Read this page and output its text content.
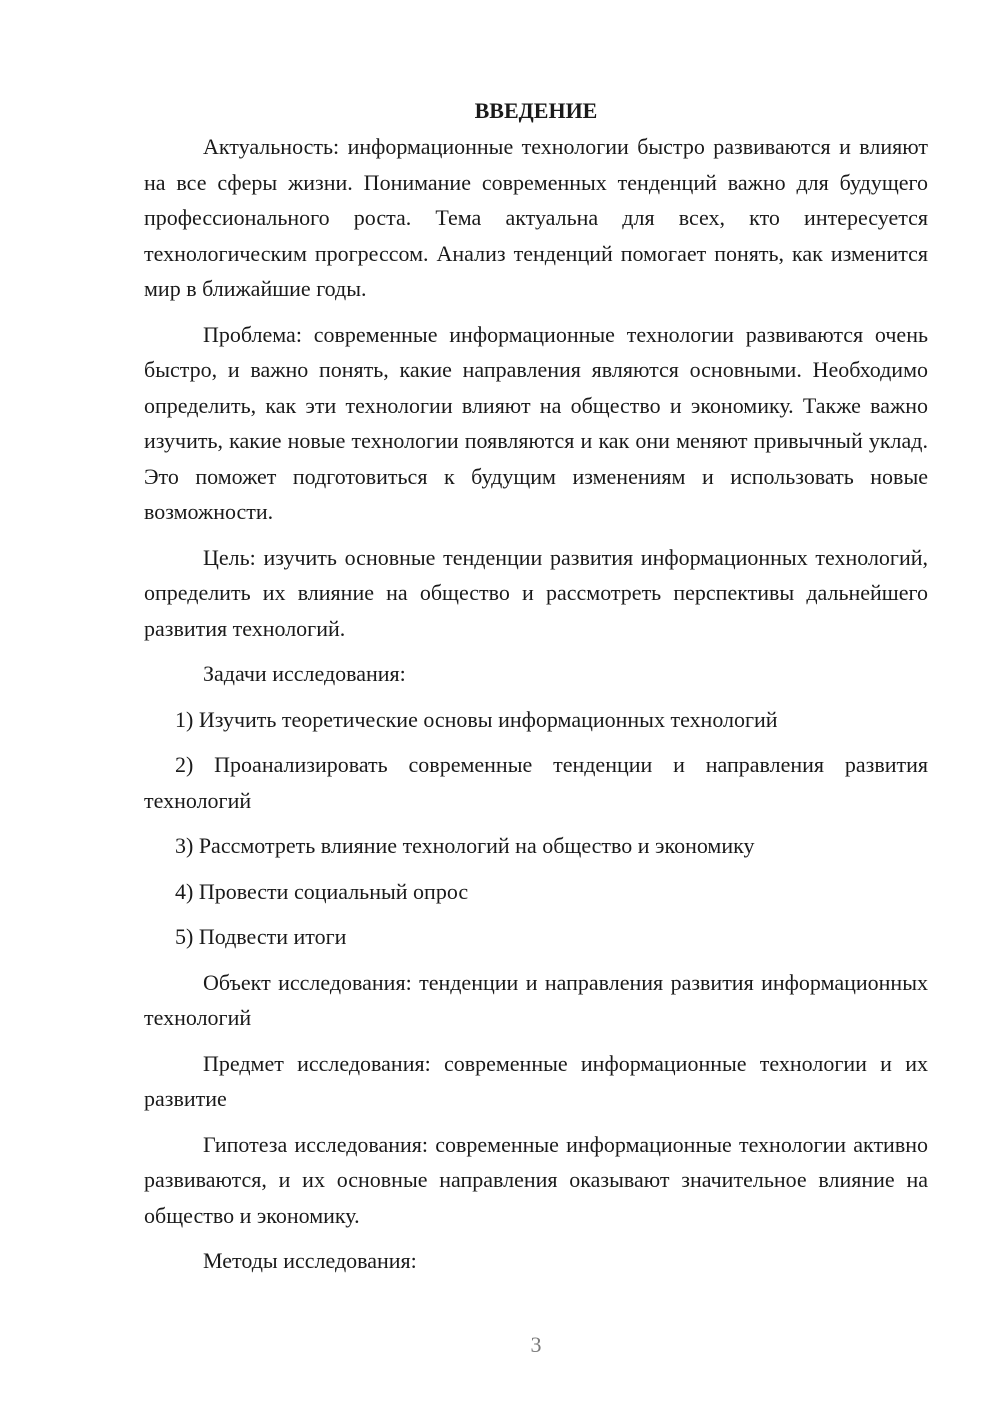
ВВЕДЕНИЕ

Актуальность: информационные технологии быстро развиваются и влияют на все сферы жизни. Понимание современных тенденций важно для будущего профессионального роста. Тема актуальна для всех, кто интересуется технологическим прогрессом. Анализ тенденций помогает понять, как изменится мир в ближайшие годы.

Проблема: современные информационные технологии развиваются очень быстро, и важно понять, какие направления являются основными. Необходимо определить, как эти технологии влияют на общество и экономику. Также важно изучить, какие новые технологии появляются и как они меняют привычный уклад. Это поможет подготовиться к будущим изменениям и использовать новые возможности.

Цель: изучить основные тенденции развития информационных технологий, определить их влияние на общество и рассмотреть перспективы дальнейшего развития технологий.

Задачи исследования:

1) Изучить теоретические основы информационных технологий

2) Проанализировать современные тенденции и направления развития технологий

3) Рассмотреть влияние технологий на общество и экономику

4) Провести социальный опрос

5) Подвести итоги

Объект исследования: тенденции и направления развития информационных технологий

Предмет исследования: современные информационные технологии и их развитие

Гипотеза исследования: современные информационные технологии активно развиваются, и их основные направления оказывают значительное влияние на общество и экономику.

Методы исследования:

3
